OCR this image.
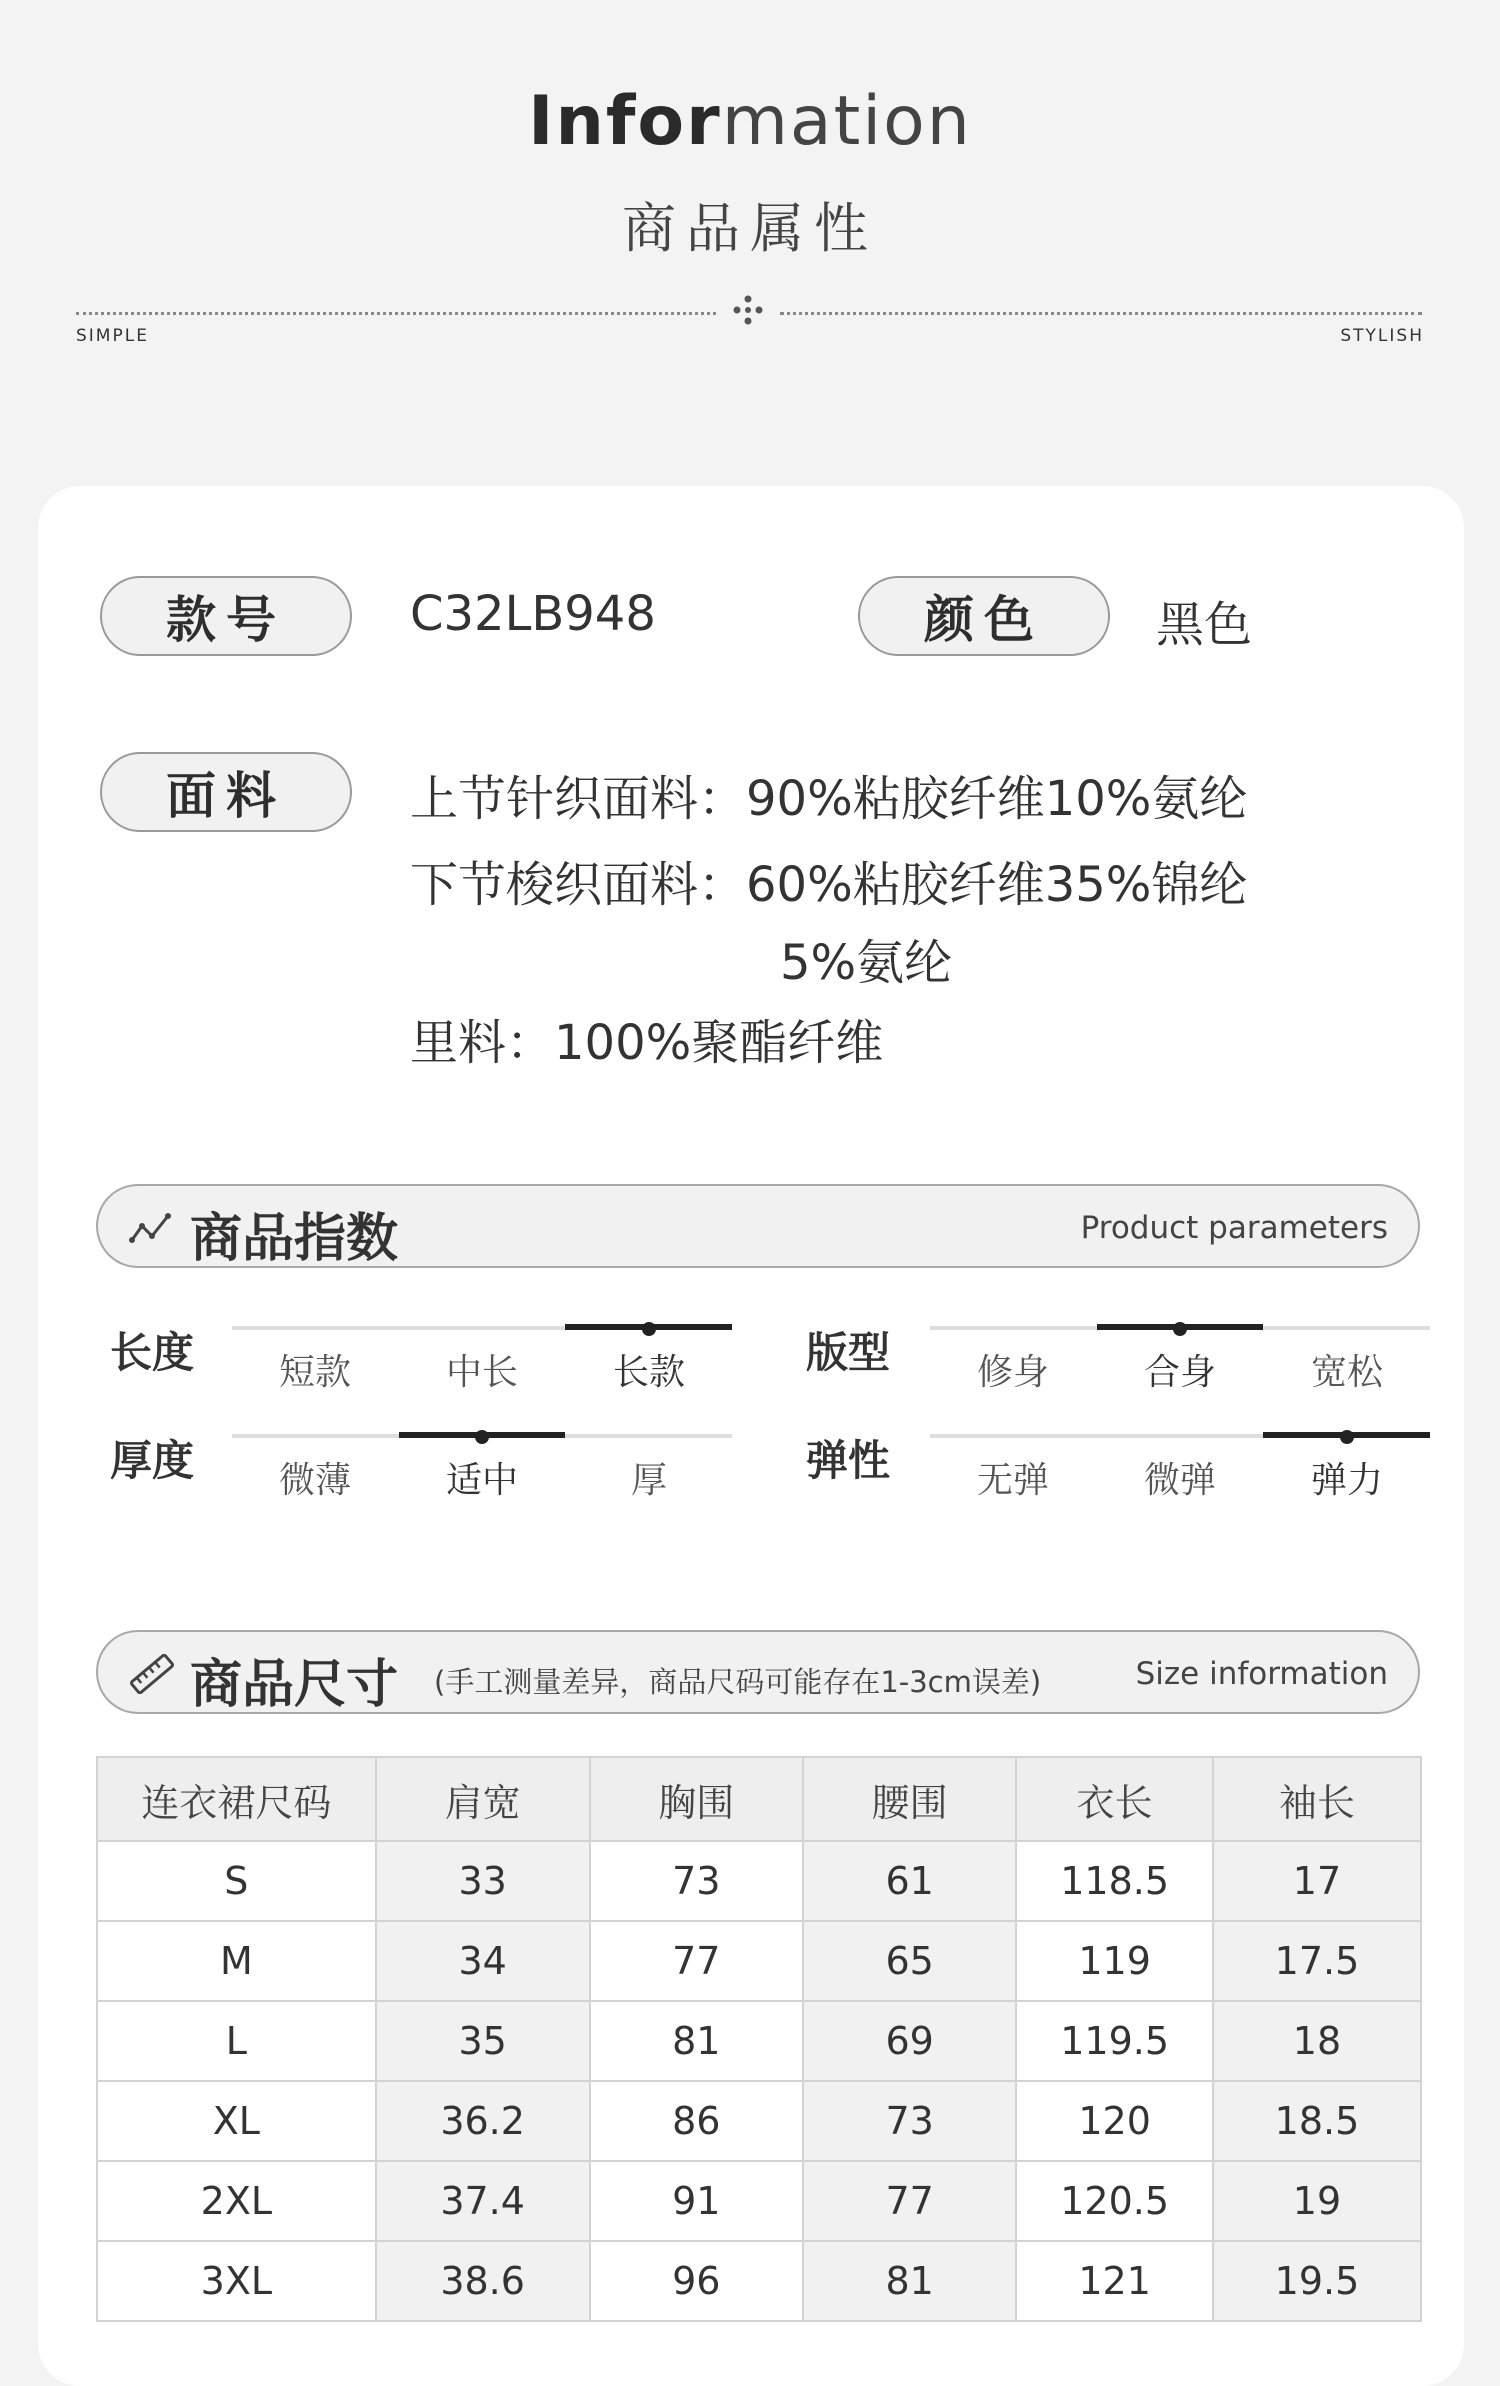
Information
商品属性
SIMPLE	STYLISH
款号	C32LB948	颜色	黑色
面料	上节针织面料：90%粘胶纤维10%氨纶
下节梭织面料：60%粘胶纤维35%锦纶
5%氨纶
里料：100%聚酯纤维
商品指数	Product parameters
长度	短款	中长	长款	版型	修身	合身	宽松
厚度	微薄	适中	厚	弹性	无弹	微弹	弹力
商品尺寸 (手工测量差异，商品尺码可能存在1-3cm误差)	Size information
连衣裙尺码	肩宽	胸围	腰围	衣长	袖长
S	33	73	61	118.5	17
M	34	77	65	119	17.5
L	35	81	69	119.5	18
XL	36.2	86	73	120	18.5
2XL	37.4	91	77	120.5	19
3XL	38.6	96	81	121	19.5
